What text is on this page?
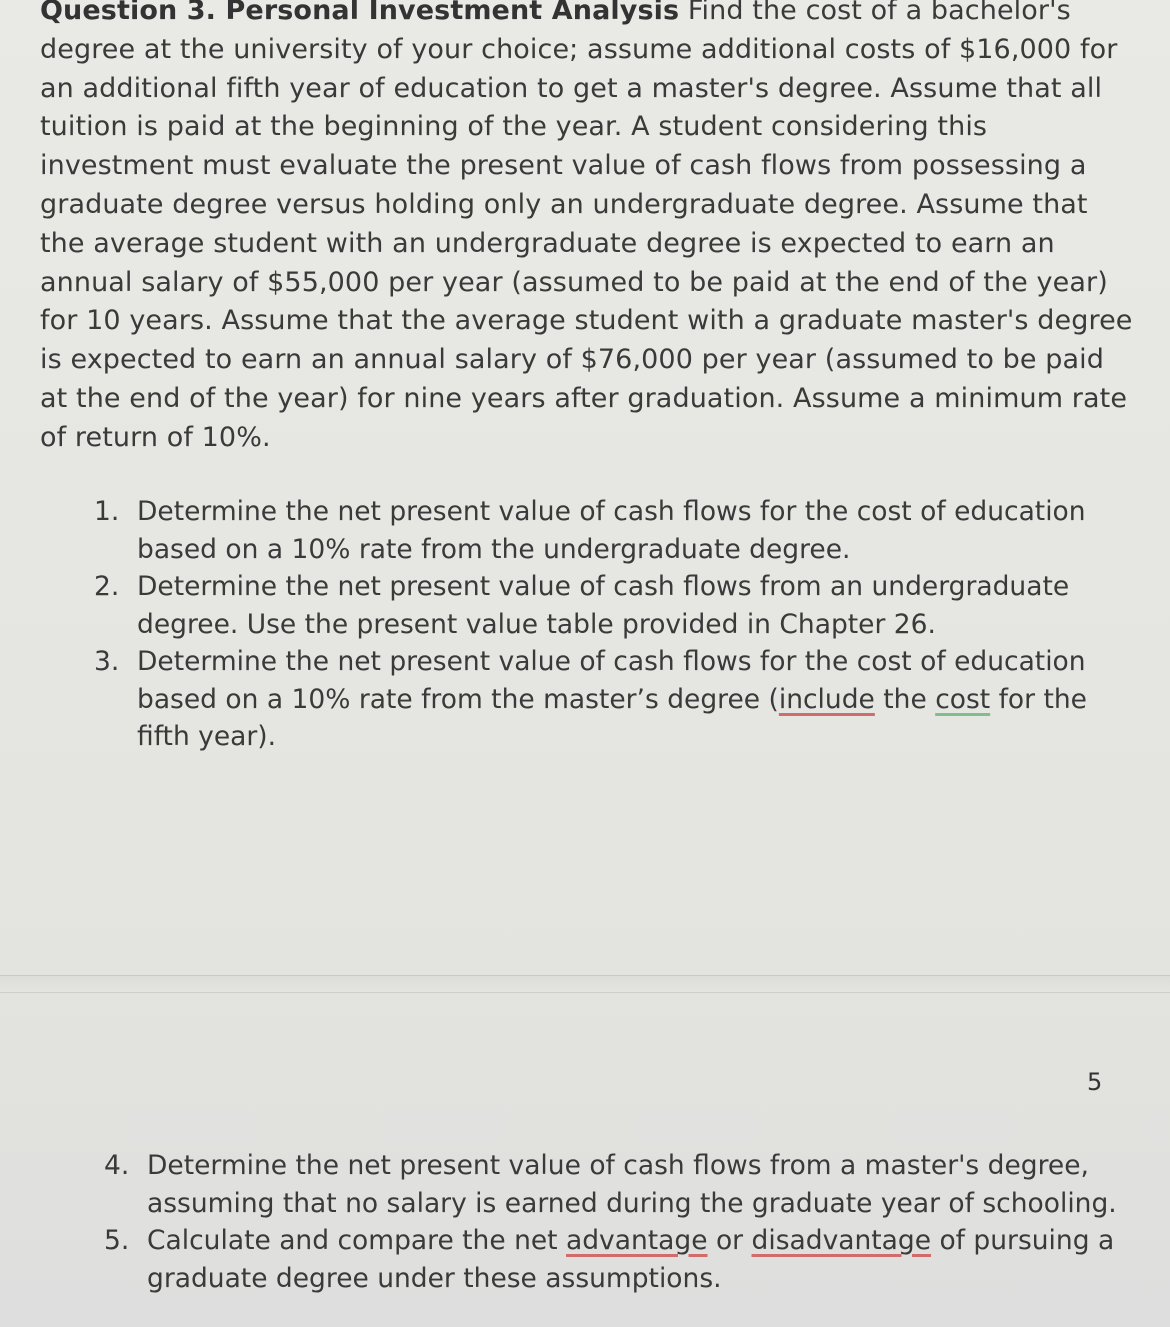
Question 3. Personal Investment Analysis Find the cost of a bachelor's degree at the university of your choice; assume additional costs of $16,000 for an additional fifth year of education to get a master's degree. Assume that all tuition is paid at the beginning of the year. A student considering this investment must evaluate the present value of cash flows from possessing a graduate degree versus holding only an undergraduate degree. Assume that the average student with an undergraduate degree is expected to earn an annual salary of $55,000 per year (assumed to be paid at the end of the year) for 10 years. Assume that the average student with a graduate master's degree is expected to earn an annual salary of $76,000 per year (assumed to be paid at the end of the year) for nine years after graduation. Assume a minimum rate of return of 10%.

1. Determine the net present value of cash flows for the cost of education based on a 10% rate from the undergraduate degree.
2. Determine the net present value of cash flows from an undergraduate degree. Use the present value table provided in Chapter 26.
3. Determine the net present value of cash flows for the cost of education based on a 10% rate from the master’s degree (include the cost for the fifth year).
5
4. Determine the net present value of cash flows from a master's degree, assuming that no salary is earned during the graduate year of schooling.
5. Calculate and compare the net advantage or disadvantage of pursuing a graduate degree under these assumptions.
